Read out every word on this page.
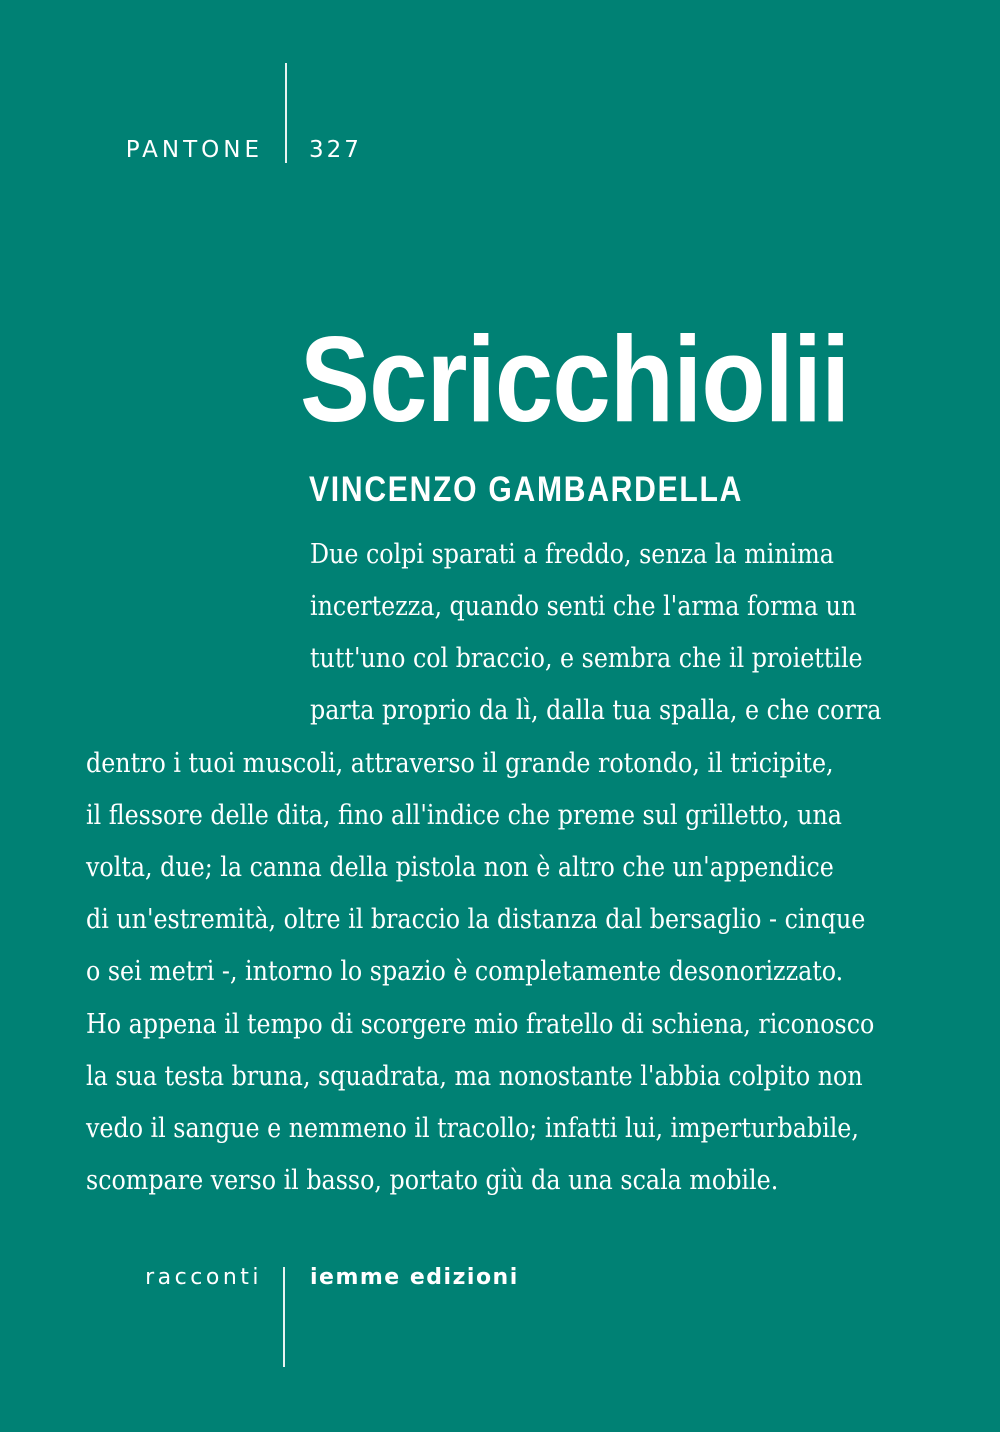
PANTONE 327
Scricchiolii
VINCENZO GAMBARDELLA
Due colpi sparati a freddo, senza la minima
incertezza, quando senti che l'arma forma un
tutt'uno col braccio, e sembra che il proiettile
parta proprio da lì, dalla tua spalla, e che corra
dentro i tuoi muscoli, attraverso il grande rotondo, il tricipite,
il flessore delle dita, fino all'indice che preme sul grilletto, una
volta, due; la canna della pistola non è altro che un'appendice
di un'estremità, oltre il braccio la distanza dal bersaglio - cinque
o sei metri -, intorno lo spazio è completamente desonorizzato.
Ho appena il tempo di scorgere mio fratello di schiena, riconosco
la sua testa bruna, squadrata, ma nonostante l'abbia colpito non
vedo il sangue e nemmeno il tracollo; infatti lui, imperturbabile,
scompare verso il basso, portato giù da una scala mobile.
racconti iemme edizioni
